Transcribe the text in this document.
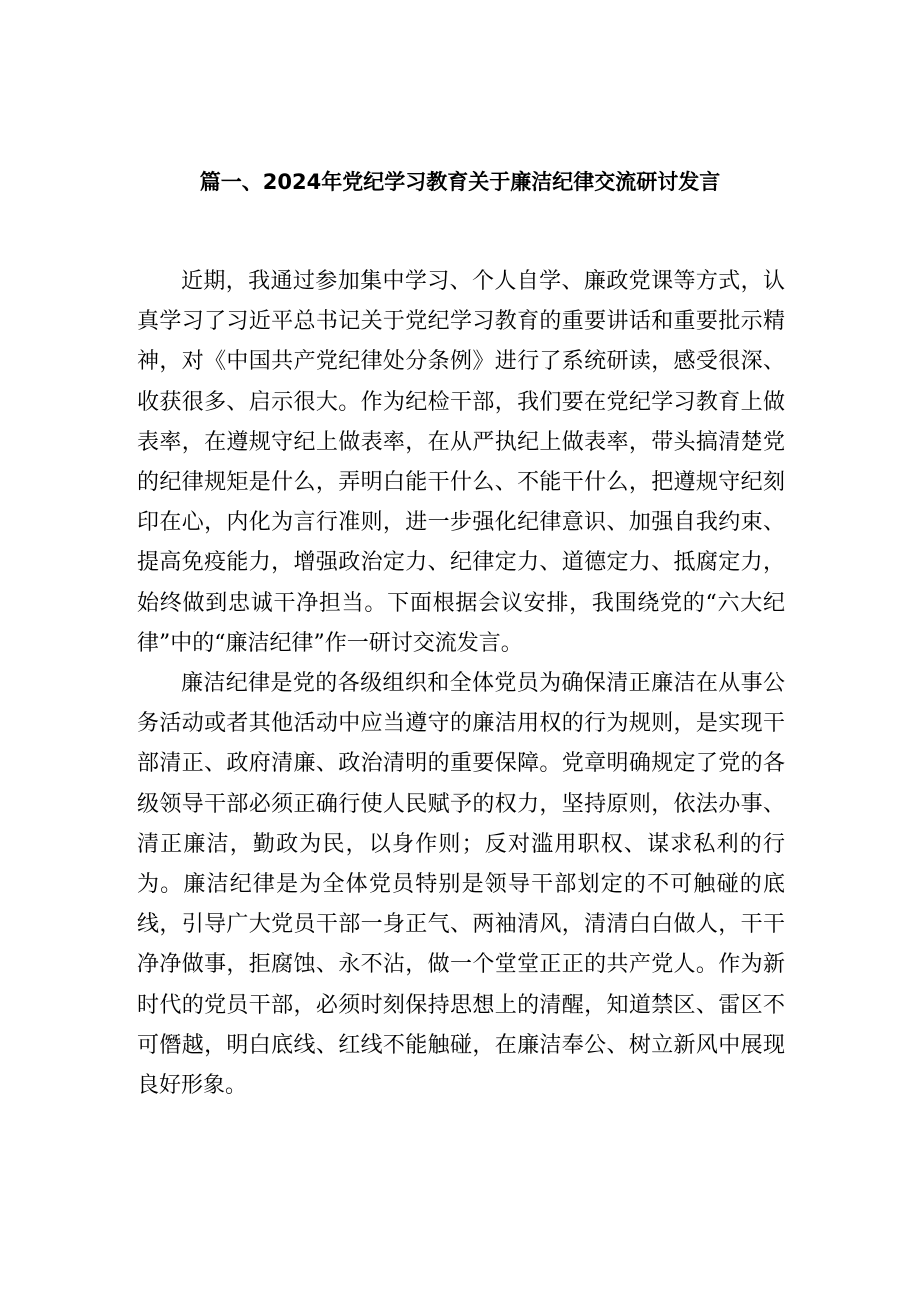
篇一、2024年党纪学习教育关于廉洁纪律交流研讨发言

近期，我通过参加集中学习、个人自学、廉政党课等方式，认真学习了习近平总书记关于党纪学习教育的重要讲话和重要批示精神，对《中国共产党纪律处分条例》进行了系统研读，感受很深、收获很多、启示很大。作为纪检干部，我们要在党纪学习教育上做表率，在遵规守纪上做表率，在从严执纪上做表率，带头搞清楚党的纪律规矩是什么，弄明白能干什么、不能干什么，把遵规守纪刻印在心，内化为言行准则，进一步强化纪律意识、加强自我约束、提高免疫能力，增强政治定力、纪律定力、道德定力、抵腐定力，始终做到忠诚干净担当。下面根据会议安排，我围绕党的“六大纪律”中的“廉洁纪律”作一研讨交流发言。

廉洁纪律是党的各级组织和全体党员为确保清正廉洁在从事公务活动或者其他活动中应当遵守的廉洁用权的行为规则，是实现干部清正、政府清廉、政治清明的重要保障。党章明确规定了党的各级领导干部必须正确行使人民赋予的权力，坚持原则，依法办事、清正廉洁，勤政为民，以身作则；反对滥用职权、谋求私利的行为。廉洁纪律是为全体党员特别是领导干部划定的不可触碰的底线，引导广大党员干部一身正气、两袖清风，清清白白做人，干干净净做事，拒腐蚀、永不沾，做一个堂堂正正的共产党人。作为新时代的党员干部，必须时刻保持思想上的清醒，知道禁区、雷区不可僭越，明白底线、红线不能触碰，在廉洁奉公、树立新风中展现良好形象。
